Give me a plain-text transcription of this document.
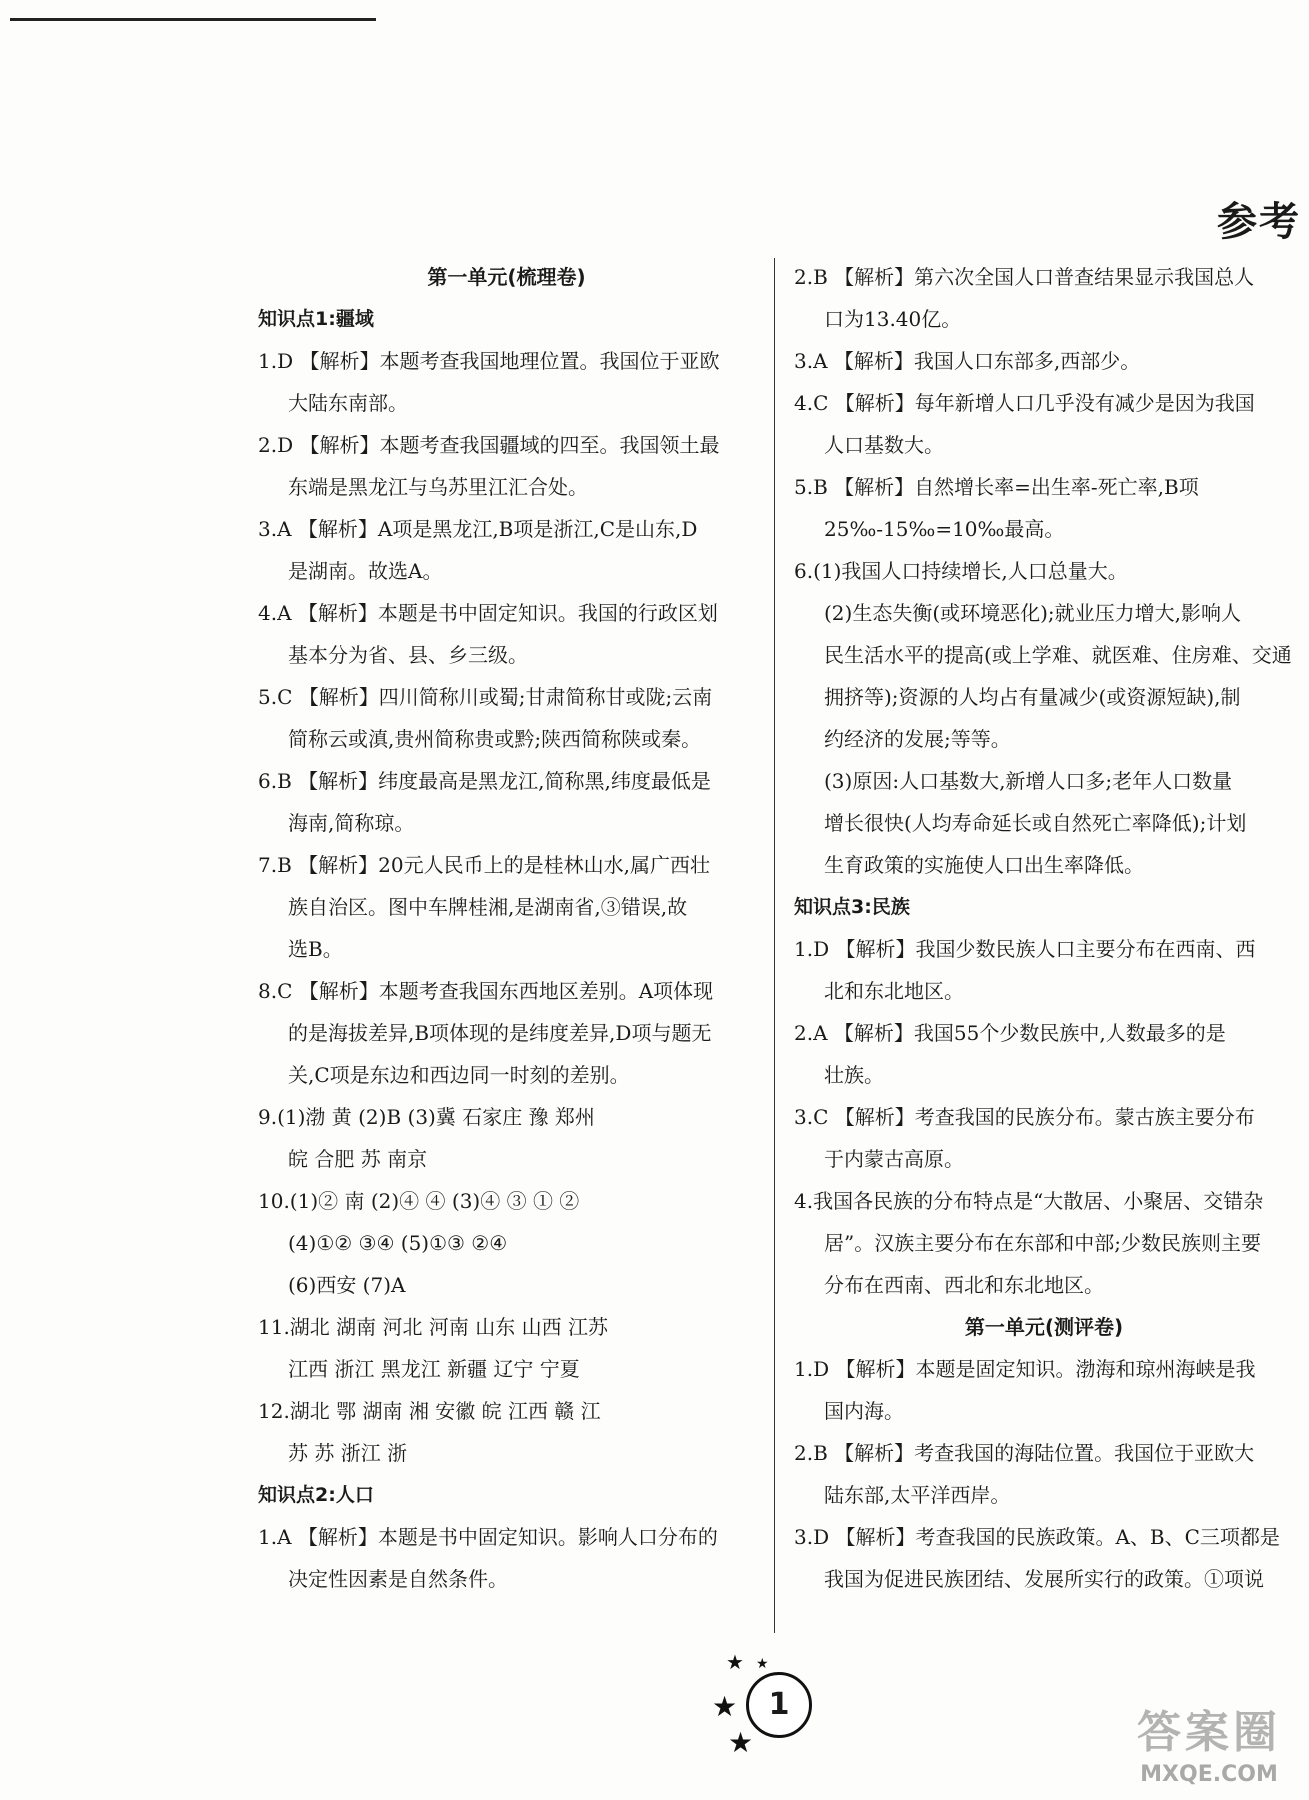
参考
第一单元(梳理卷)
知识点1:疆域
1.D 【解析】本题考查我国地理位置。我国位于亚欧
大陆东南部。
2.D 【解析】本题考查我国疆域的四至。我国领土最
东端是黑龙江与乌苏里江汇合处。
3.A 【解析】A项是黑龙江,B项是浙江,C是山东,D
是湖南。故选A。
4.A 【解析】本题是书中固定知识。我国的行政区划
基本分为省、县、乡三级。
5.C 【解析】四川简称川或蜀;甘肃简称甘或陇;云南
简称云或滇,贵州简称贵或黔;陕西简称陕或秦。
6.B 【解析】纬度最高是黑龙江,简称黑,纬度最低是
海南,简称琼。
7.B 【解析】20元人民币上的是桂林山水,属广西壮
族自治区。图中车牌桂湘,是湖南省,③错误,故
选B。
8.C 【解析】本题考查我国东西地区差别。A项体现
的是海拔差异,B项体现的是纬度差异,D项与题无
关,C项是东边和西边同一时刻的差别。
9.(1)渤 黄 (2)B (3)冀 石家庄 豫 郑州
皖 合肥 苏 南京
10.(1)② 南 (2)④ ④ (3)④ ③ ① ②
(4)①② ③④ (5)①③ ②④
(6)西安 (7)A
11.湖北 湖南 河北 河南 山东 山西 江苏
江西 浙江 黑龙江 新疆 辽宁 宁夏
12.湖北 鄂 湖南 湘 安徽 皖 江西 赣 江
苏 苏 浙江 浙
知识点2:人口
1.A 【解析】本题是书中固定知识。影响人口分布的
决定性因素是自然条件。
2.B 【解析】第六次全国人口普查结果显示我国总人
口为13.40亿。
3.A 【解析】我国人口东部多,西部少。
4.C 【解析】每年新增人口几乎没有减少是因为我国
人口基数大。
5.B 【解析】自然增长率=出生率-死亡率,B项
25‰-15‰=10‰最高。
6.(1)我国人口持续增长,人口总量大。
(2)生态失衡(或环境恶化);就业压力增大,影响人
民生活水平的提高(或上学难、就医难、住房难、交通
拥挤等);资源的人均占有量减少(或资源短缺),制
约经济的发展;等等。
(3)原因:人口基数大,新增人口多;老年人口数量
增长很快(人均寿命延长或自然死亡率降低);计划
生育政策的实施使人口出生率降低。
知识点3:民族
1.D 【解析】我国少数民族人口主要分布在西南、西
北和东北地区。
2.A 【解析】我国55个少数民族中,人数最多的是
壮族。
3.C 【解析】考查我国的民族分布。蒙古族主要分布
于内蒙古高原。
4.我国各民族的分布特点是“大散居、小聚居、交错杂
居”。汉族主要分布在东部和中部;少数民族则主要
分布在西南、西北和东北地区。
第一单元(测评卷)
1.D 【解析】本题是固定知识。渤海和琼州海峡是我
国内海。
2.B 【解析】考查我国的海陆位置。我国位于亚欧大
陆东部,太平洋西岸。
3.D 【解析】考查我国的民族政策。A、B、C三项都是
我国为促进民族团结、发展所实行的政策。①项说
★ ★
★
★
1
答案圈
MXQE.COM
